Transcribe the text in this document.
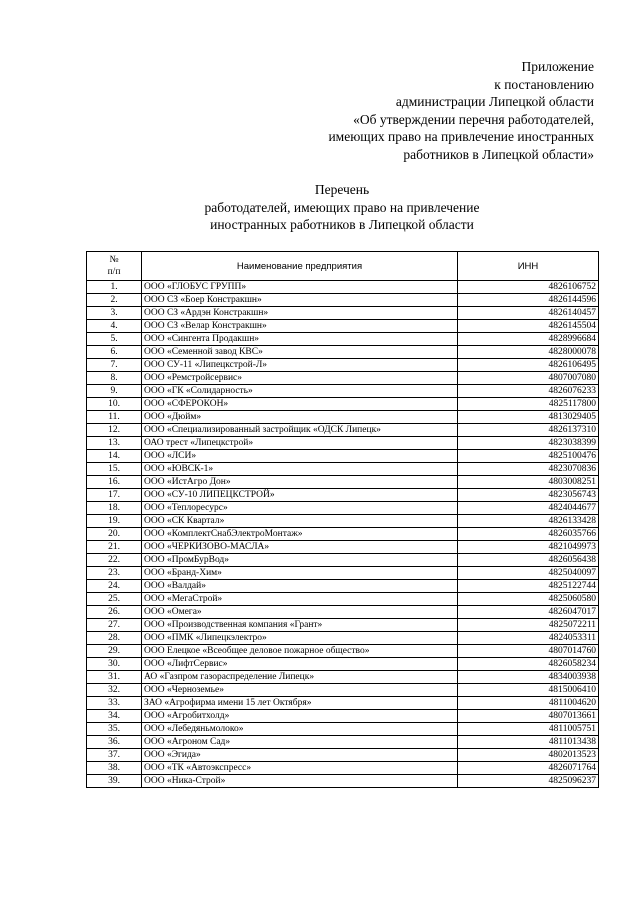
Приложение
к постановлению
администрации Липецкой области
«Об утверждении перечня работодателей,
имеющих право на привлечение иностранных
работников в Липецкой области»
Перечень
работодателей, имеющих право на привлечение
иностранных работников в Липецкой области
№
п/п	Наименование предприятия	ИНН
1.	ООО «ГЛОБУС ГРУПП»	4826106752
2.	ООО СЗ «Боер Констракшн»	4826144596
3.	ООО СЗ «Ардэн Констракшн»	4826140457
4.	ООО СЗ «Велар Констракшн»	4826145504
5.	ООО «Сингента Продакшн»	4828996684
6.	ООО «Семенной завод КВС»	4828000078
7.	ООО СУ-11 «Липецкстрой-Л»	4826106495
8.	ООО «Ремстройсервис»	4807007080
9.	ООО «ГК «Солидарность»	4826076233
10.	ООО «СФЕРОКОН»	4825117800
11.	ООО «Дюйм»	4813029405
12.	ООО «Специализированный застройщик «ОДСК Липецк»	4826137310
13.	ОАО трест «Липецкстрой»	4823038399
14.	ООО «ЛСИ»	4825100476
15.	ООО «ЮВСК-1»	4823070836
16.	ООО «ИстАгро Дон»	4803008251
17.	ООО «СУ-10 ЛИПЕЦКСТРОЙ»	4823056743
18.	ООО «Теплоресурс»	4824044677
19.	ООО «СК Квартал»	4826133428
20.	ООО «КомплектСнабЭлектроМонтаж»	4826035766
21.	ООО «ЧЕРКИЗОВО-МАСЛА»	4821049973
22.	ООО «ПромБурВод»	4826056438
23.	ООО «Бранд-Хим»	4825040097
24.	ООО «Валдай»	4825122744
25.	ООО «МегаСтрой»	4825060580
26.	ООО «Омега»	4826047017
27.	ООО «Производственная компания «Грант»	4825072211
28.	ООО «ПМК «Липецкэлектро»	4824053311
29.	ООО Елецкое «Всеобщее деловое пожарное общество»	4807014760
30.	ООО «ЛифтСервис»	4826058234
31.	АО «Газпром газораспределение Липецк»	4834003938
32.	ООО «Черноземье»	4815006410
33.	ЗАО «Агрофирма имени 15 лет Октября»	4811004620
34.	ООО «Агробитхолд»	4807013661
35.	ООО «Лебедяньмолоко»	4811005751
36.	ООО «Агроном Сад»	4811013438
37.	ООО «Эгида»	4802013523
38.	ООО «ТК «Автоэкспресс»	4826071764
39.	ООО «Ника-Строй»	4825096237
